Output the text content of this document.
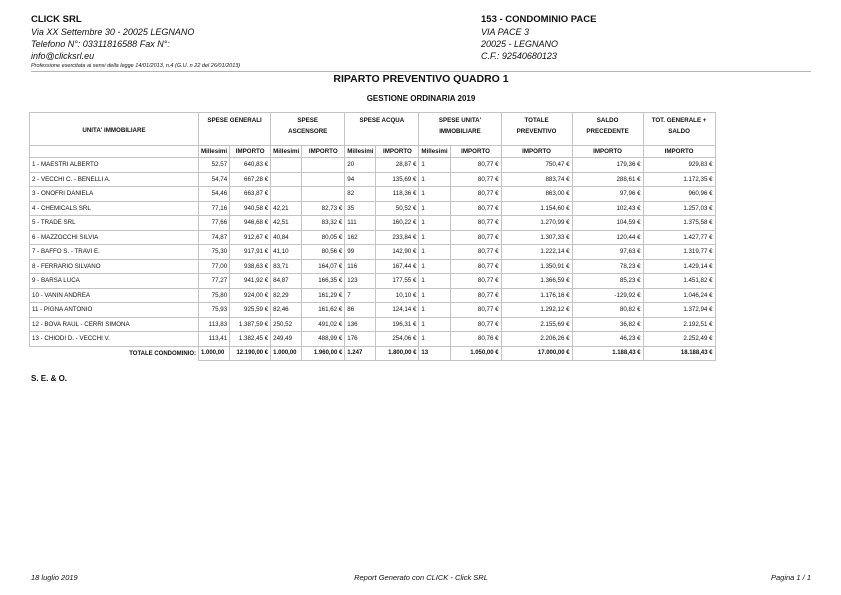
CLICK SRL
Via XX Settembre 30 - 20025 LEGNANO
Telefono N°: 03311816588 Fax N°:
info@clicksrl.eu
Professione esercitata ai sensi della legge 14/01/2013, n.4 (G.U. n 22 del 26/01/2013)
153 - CONDOMINIO PACE
VIA PACE 3
20025 - LEGNANO
C.F.: 92540680123
RIPARTO PREVENTIVO QUADRO 1
GESTIONE ORDINARIA 2019
UNITA' IMMOBILIARE	SPESE GENERALI		SPESE ASCENSORE		SPESE ACQUA		SPESE UNITA' IMMOBILIARE		TOTALE PREVENTIVO	SALDO PRECEDENTE	TOT. GENERALE + SALDO
	Millesimi	IMPORTO	Millesimi	IMPORTO	Millesimi	IMPORTO	Millesimi	IMPORTO	IMPORTO	IMPORTO	IMPORTO
1 - MAESTRI ALBERTO	52,57	640,83 €			20	28,87 €	1	80,77 €	750,47 €	179,36 €	929,83 €
2 - VECCHI C. - BENELLI A.	54,74	667,28 €			94	135,69 €	1	80,77 €	883,74 €	288,61 €	1.172,35 €
3 - ONOFRI DANIELA	54,46	663,87 €			82	118,36 €	1	80,77 €	863,00 €	97,96 €	960,96 €
4 - CHEMICALS SRL	77,16	940,58 €	42,21	82,73 €	35	50,52 €	1	80,77 €	1.154,60 €	102,43 €	1.257,03 €
5 - TRADE SRL	77,66	946,68 €	42,51	83,32 €	111	160,22 €	1	80,77 €	1.270,99 €	104,59 €	1.375,58 €
6 - MAZZOCCHI SILVIA	74,87	912,67 €	40,84	80,05 €	162	233,84 €	1	80,77 €	1.307,33 €	120,44 €	1.427,77 €
7 - BAFFO S. - TRAVI E.	75,30	917,91 €	41,10	80,56 €	99	142,90 €	1	80,77 €	1.222,14 €	97,63 €	1.319,77 €
8 - FERRARIO SILVANO	77,00	938,63 €	83,71	164,07 €	116	167,44 €	1	80,77 €	1.350,91 €	78,23 €	1.429,14 €
9 - BARSA LUCA	77,27	941,92 €	84,87	166,35 €	123	177,55 €	1	80,77 €	1.366,59 €	85,23 €	1.451,82 €
10 - VANIN ANDREA	75,80	924,00 €	82,29	161,29 €	7	10,10 €	1	80,77 €	1.176,16 €	-129,92 €	1.046,24 €
11 - PIGNA ANTONIO	75,93	925,59 €	82,46	161,62 €	86	124,14 €	1	80,77 €	1.292,12 €	80,82 €	1.372,94 €
12 - BOVA RAUL - CERRI SIMONA	113,83	1.387,59 €	250,52	491,02 €	136	196,31 €	1	80,77 €	2.155,69 €	36,82 €	2.192,51 €
13 - CHIODI D. - VECCHI V.	113,41	1.382,45 €	249,49	488,99 €	176	254,06 €	1	80,76 €	2.206,26 €	46,23 €	2.252,49 €
TOTALE CONDOMINIO:	1.000,00	12.190,00 €	1.000,00	1.960,00 €	1.247	1.800,00 €	13	1.050,00 €	17.000,00 €	1.188,43 €	18.188,43 €
S. E. & O.
18 luglio 2019	Report Generato con CLICK - Click SRL	Pagina 1 / 1
